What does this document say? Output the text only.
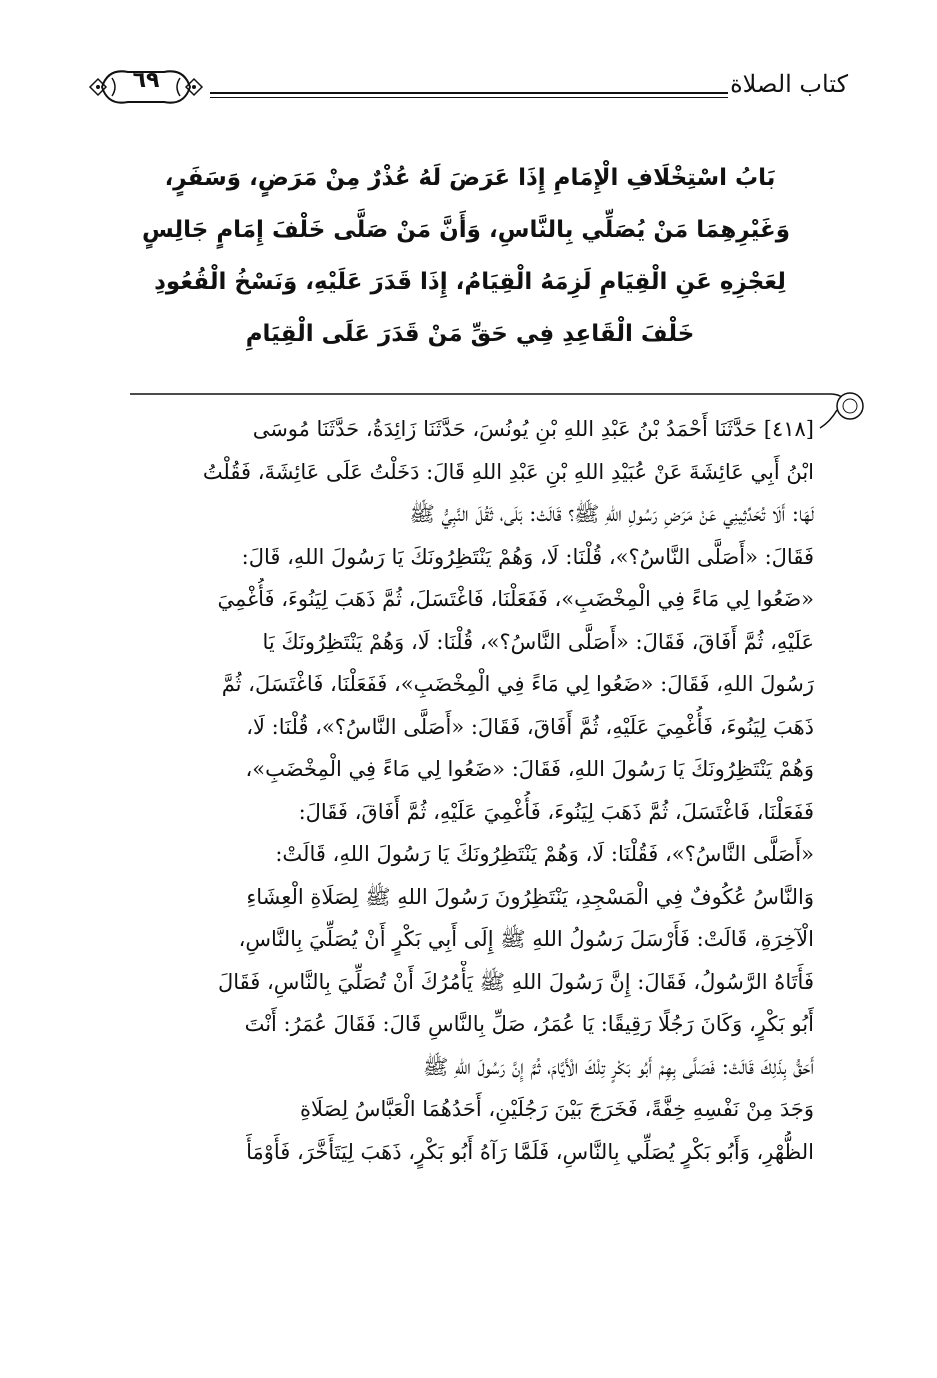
٦٩	كتاب الصلاة
بَابُ اسْتِخْلَافِ الْإِمَامِ إِذَا عَرَضَ لَهُ عُذْرٌ مِنْ مَرَضٍ، وَسَفَرٍ،
وَغَيْرِهِمَا مَنْ يُصَلِّي بِالنَّاسِ، وَأَنَّ مَنْ صَلَّى خَلْفَ إِمَامٍ جَالِسٍ
لِعَجْزِهِ عَنِ الْقِيَامِ لَزِمَهُ الْقِيَامُ، إِذَا قَدَرَ عَلَيْهِ، وَنَسْخُ الْقُعُودِ
خَلْفَ الْقَاعِدِ فِي حَقِّ مَنْ قَدَرَ عَلَى الْقِيَامِ
[٤١٨] حَدَّثَنَا أَحْمَدُ بْنُ عَبْدِ اللهِ بْنِ يُونُسَ، حَدَّثَنَا زَائِدَةُ، حَدَّثَنَا مُوسَى
ابْنُ أَبِي عَائِشَةَ عَنْ عُبَيْدِ اللهِ بْنِ عَبْدِ اللهِ قَالَ: دَخَلْتُ عَلَى عَائِشَةَ، فَقُلْتُ
لَهَا: أَلَا تُحَدِّثِينِي عَنْ مَرَضِ رَسُولِ اللهِ ﷺ؟ قَالَتْ: بَلَى، ثَقُلَ النَّبِيُّ ﷺ
فَقَالَ: «أَصَلَّى النَّاسُ؟»، قُلْنَا: لَا، وَهُمْ يَنْتَظِرُونَكَ يَا رَسُولَ اللهِ، قَالَ:
«ضَعُوا لِي مَاءً فِي الْمِخْضَبِ»، فَفَعَلْنَا، فَاغْتَسَلَ، ثُمَّ ذَهَبَ لِيَنُوءَ، فَأُغْمِيَ
عَلَيْهِ، ثُمَّ أَفَاقَ، فَقَالَ: «أَصَلَّى النَّاسُ؟»، قُلْنَا: لَا، وَهُمْ يَنْتَظِرُونَكَ يَا
رَسُولَ اللهِ، فَقَالَ: «ضَعُوا لِي مَاءً فِي الْمِخْضَبِ»، فَفَعَلْنَا، فَاغْتَسَلَ، ثُمَّ
ذَهَبَ لِيَنُوءَ، فَأُغْمِيَ عَلَيْهِ، ثُمَّ أَفَاقَ، فَقَالَ: «أَصَلَّى النَّاسُ؟»، قُلْنَا: لَا،
وَهُمْ يَنْتَظِرُونَكَ يَا رَسُولَ اللهِ، فَقَالَ: «ضَعُوا لِي مَاءً فِي الْمِخْضَبِ»،
فَفَعَلْنَا، فَاغْتَسَلَ، ثُمَّ ذَهَبَ لِيَنُوءَ، فَأُغْمِيَ عَلَيْهِ، ثُمَّ أَفَاقَ، فَقَالَ:
«أَصَلَّى النَّاسُ؟»، فَقُلْنَا: لَا، وَهُمْ يَنْتَظِرُونَكَ يَا رَسُولَ اللهِ، قَالَتْ:
وَالنَّاسُ عُكُوفٌ فِي الْمَسْجِدِ، يَنْتَظِرُونَ رَسُولَ اللهِ ﷺ لِصَلَاةِ الْعِشَاءِ
الْآخِرَةِ، قَالَتْ: فَأَرْسَلَ رَسُولُ اللهِ ﷺ إِلَى أَبِي بَكْرٍ أَنْ يُصَلِّيَ بِالنَّاسِ،
فَأَتَاهُ الرَّسُولُ، فَقَالَ: إِنَّ رَسُولَ اللهِ ﷺ يَأْمُرُكَ أَنْ تُصَلِّيَ بِالنَّاسِ، فَقَالَ
أَبُو بَكْرٍ، وَكَانَ رَجُلًا رَقِيقًا: يَا عُمَرُ، صَلِّ بِالنَّاسِ قَالَ: فَقَالَ عُمَرُ: أَنْتَ
أَحَقُّ بِذَلِكَ قَالَتْ: فَصَلَّى بِهِمْ أَبُو بَكْرٍ تِلْكَ الْأَيَّامَ، ثُمَّ إِنَّ رَسُولَ اللهِ ﷺ
وَجَدَ مِنْ نَفْسِهِ خِفَّةً، فَخَرَجَ بَيْنَ رَجُلَيْنِ، أَحَدُهُمَا الْعَبَّاسُ لِصَلَاةِ
الظُّهْرِ، وَأَبُو بَكْرٍ يُصَلِّي بِالنَّاسِ، فَلَمَّا رَآهُ أَبُو بَكْرٍ، ذَهَبَ لِيَتَأَخَّرَ، فَأَوْمَأَ
